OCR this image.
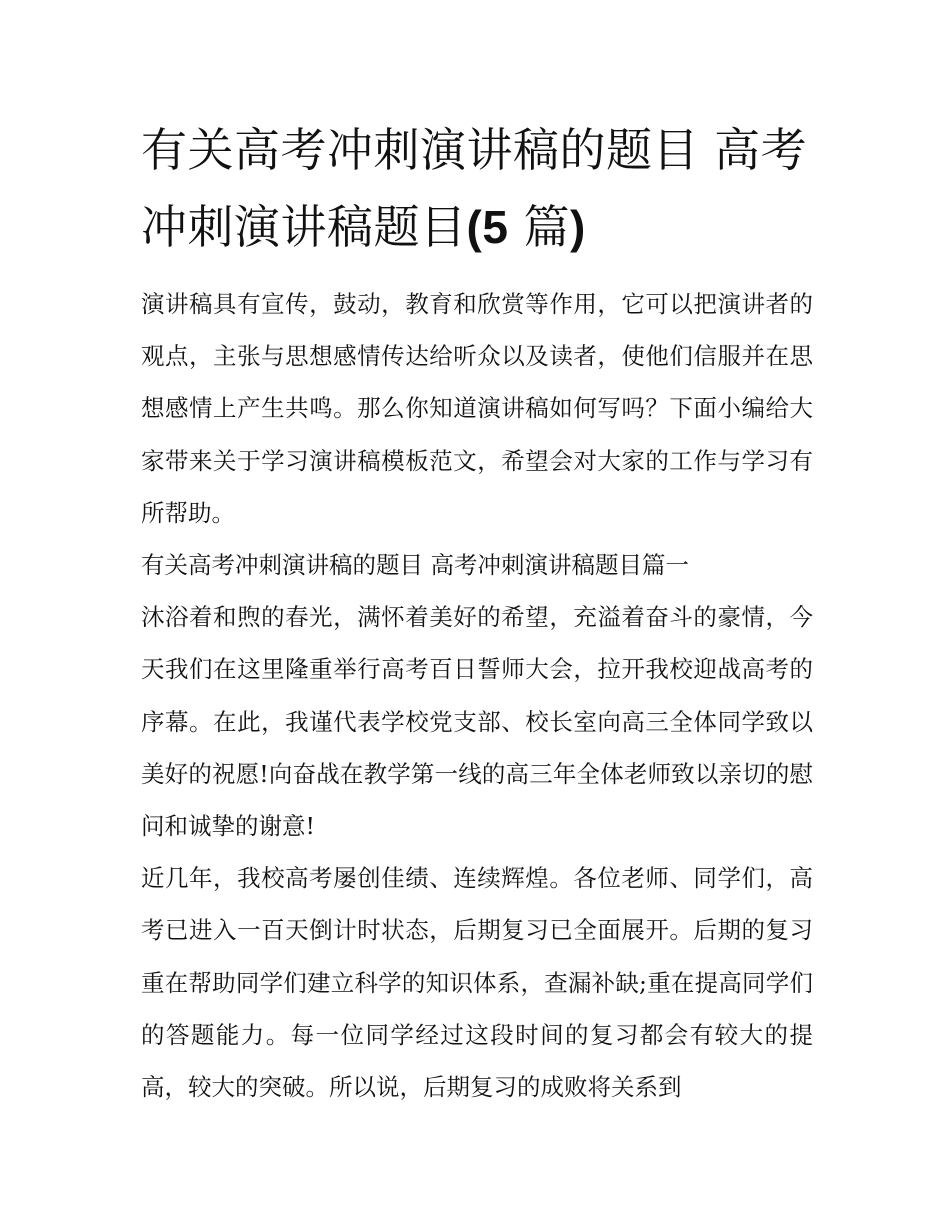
有关高考冲刺演讲稿的题目 高考冲刺演讲稿题目(5 篇)

演讲稿具有宣传，鼓动，教育和欣赏等作用，它可以把演讲者的观点，主张与思想感情传达给听众以及读者，使他们信服并在思想感情上产生共鸣。那么你知道演讲稿如何写吗？下面小编给大家带来关于学习演讲稿模板范文，希望会对大家的工作与学习有所帮助。

有关高考冲刺演讲稿的题目 高考冲刺演讲稿题目篇一

沐浴着和煦的春光，满怀着美好的希望，充溢着奋斗的豪情，今天我们在这里隆重举行高考百日誓师大会，拉开我校迎战高考的序幕。在此，我谨代表学校党支部、校长室向高三全体同学致以美好的祝愿!向奋战在教学第一线的高三年全体老师致以亲切的慰问和诚挚的谢意!

近几年，我校高考屡创佳绩、连续辉煌。各位老师、同学们，高考已进入一百天倒计时状态，后期复习已全面展开。后期的复习重在帮助同学们建立科学的知识体系，查漏补缺;重在提高同学们的答题能力。每一位同学经过这段时间的复习都会有较大的提高，较大的突破。所以说，后期复习的成败将关系到
